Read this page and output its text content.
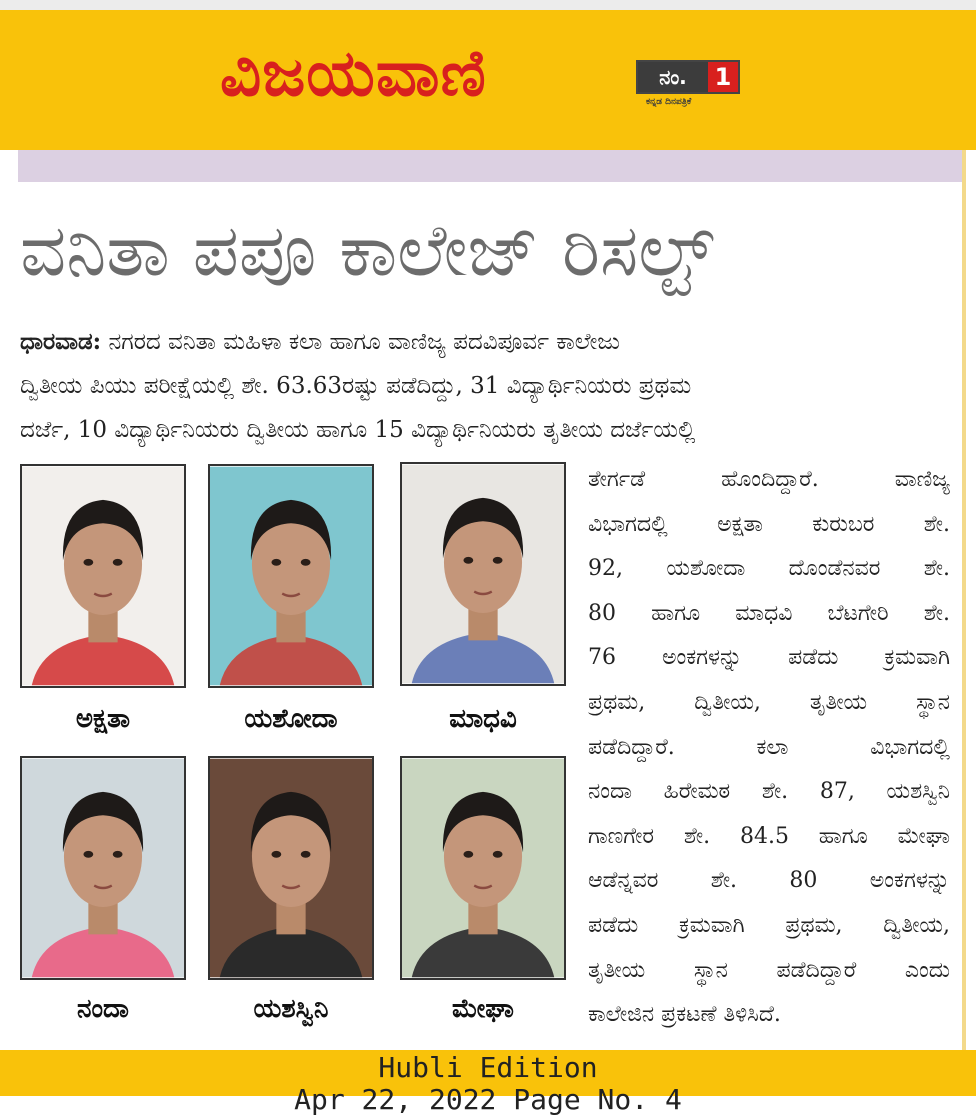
ವಿಜಯವಾಣಿ	ನಂ.	1
ಕನ್ನಡ ದಿನಪತ್ರಿಕೆ
ವನಿತಾ ಪಪೂ ಕಾಲೇಜ್ ರಿಸಲ್ಟ್
ಧಾರವಾಡ: ನಗರದ ವನಿತಾ ಮಹಿಳಾ ಕಲಾ ಹಾಗೂ ವಾಣಿಜ್ಯ ಪದವಿಪೂರ್ವ ಕಾಲೇಜು
ದ್ವಿತೀಯ ಪಿಯು ಪರೀಕ್ಷೆಯಲ್ಲಿ ಶೇ. 63.63ರಷ್ಟು ಪಡೆದಿದ್ದು, 31 ವಿದ್ಯಾರ್ಥಿನಿಯರು ಪ್ರಥಮ
ದರ್ಜೆ, 10 ವಿದ್ಯಾರ್ಥಿನಿಯರು ದ್ವಿತೀಯ ಹಾಗೂ 15 ವಿದ್ಯಾರ್ಥಿನಿಯರು ತೃತೀಯ ದರ್ಜೆಯಲ್ಲಿ
ತೇರ್ಗಡೆ ಹೊಂದಿದ್ದಾರೆ. ವಾಣಿಜ್ಯ
ವಿಭಾಗದಲ್ಲಿ ಅಕ್ಷತಾ ಕುರುಬರ ಶೇ.
92, ಯಶೋದಾ ದೊಂಡೆನವರ ಶೇ.
80 ಹಾಗೂ ಮಾಧವಿ ಬೆಟಗೇರಿ ಶೇ.
76 ಅಂಕಗಳನ್ನು ಪಡೆದು ಕ್ರಮವಾಗಿ
ಪ್ರಥಮ, ದ್ವಿತೀಯ, ತೃತೀಯ ಸ್ಥಾನ
ಪಡೆದಿದ್ದಾರೆ. ಕಲಾ ವಿಭಾಗದಲ್ಲಿ
ನಂದಾ ಹಿರೇಮಠ ಶೇ. 87, ಯಶಸ್ವಿನಿ
ಗಾಣಗೇರ ಶೇ. 84.5 ಹಾಗೂ ಮೇಘಾ
ಆಡೆನ್ನವರ ಶೇ. 80 ಅಂಕಗಳನ್ನು
ಪಡೆದು ಕ್ರಮವಾಗಿ ಪ್ರಥಮ, ದ್ವಿತೀಯ,
ತೃತೀಯ ಸ್ಥಾನ ಪಡೆದಿದ್ದಾರೆ ಎಂದು
ಕಾಲೇಜಿನ ಪ್ರಕಟಣೆ ತಿಳಿಸಿದೆ.
ಅಕ್ಷತಾ	ಯಶೋದಾ	ಮಾಧವಿ
ನಂದಾ	ಯಶಸ್ವಿನಿ	ಮೇಘಾ
Hubli Edition
Apr 22, 2022 Page No. 4
